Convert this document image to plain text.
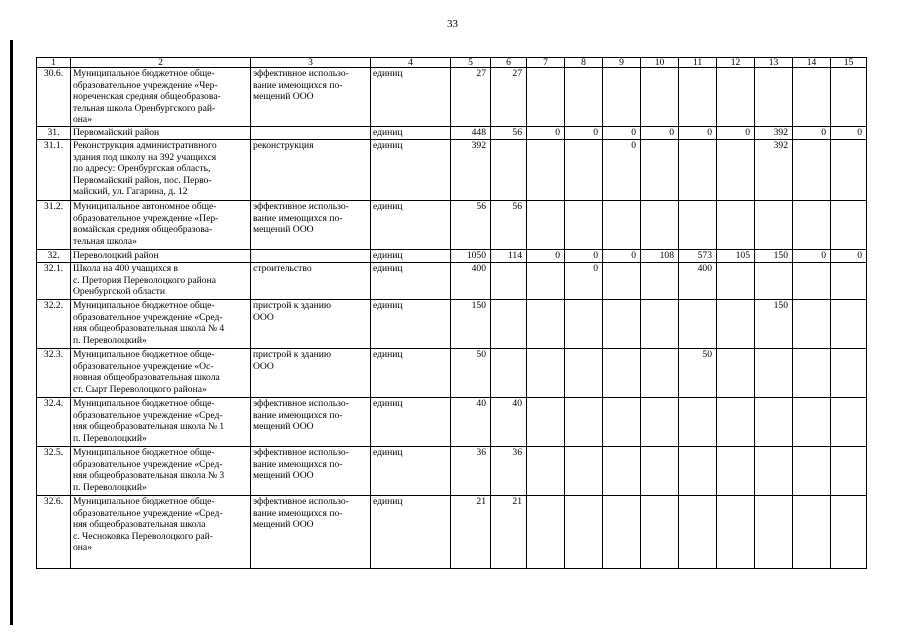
33
1	2	3	4	5	6	7	8	9	10	11	12	13	14	15
30.6.	Муниципальное бюджетное обще-
образовательное учреждение «Чер-
нореченская средняя общеобразова-
тельная школа Оренбургского рай-
она»	эффективное использо-
вание имеющихся по-
мещений ООО	единиц	27	27									
31.	Первомайский район		единиц	448	56	0	0	0	0	0	0	392	0	0
31.1.	Реконструкция административного
здания под школу на 392 учащихся
по адресу: Оренбургская область,
Первомайский район, пос. Перво-
майский, ул. Гагарина, д. 12	реконструкция	единиц	392				0				392		
31.2.	Муниципальное автономное обще-
образовательное учреждение «Пер-
вомайская средняя общеобразова-
тельная школа»	эффективное использо-
вание имеющихся по-
мещений ООО	единиц	56	56									
32.	Переволоцкий район		единиц	1050	114	0	0	0	108	573	105	150	0	0
32.1.	Школа на 400 учащихся в
с. Претория Переволоцкого района
Оренбургской области	строительство	единиц	400			0			400				
32.2.	Муниципальное бюджетное обще-
образовательное учреждение «Сред-
няя общеобразовательная школа № 4
п. Переволоцкий»	пристрой к зданию
ООО	единиц	150								150		
32.3.	Муниципальное бюджетное обще-
образовательное учреждение «Ос-
новная общеобразовательная школа
ст. Сырт Переволоцкого района»	пристрой к зданию
ООО	единиц	50						50				
32.4.	Муниципальное бюджетное обще-
образовательное учреждение «Сред-
няя общеобразовательная школа № 1
п. Переволоцкий»	эффективное использо-
вание имеющихся по-
мещений ООО	единиц	40	40									
32.5.	Муниципальное бюджетное обще-
образовательное учреждение «Сред-
няя общеобразовательная школа № 3
п. Переволоцкий»	эффективное использо-
вание имеющихся по-
мещений ООО	единиц	36	36									
32.6.	Муниципальное бюджетное обще-
образовательное учреждение «Сред-
няя общеобразовательная школа
с. Чесноковка Переволоцкого рай-
она»	эффективное использо-
вание имеющихся по-
мещений ООО	единиц	21	21									
